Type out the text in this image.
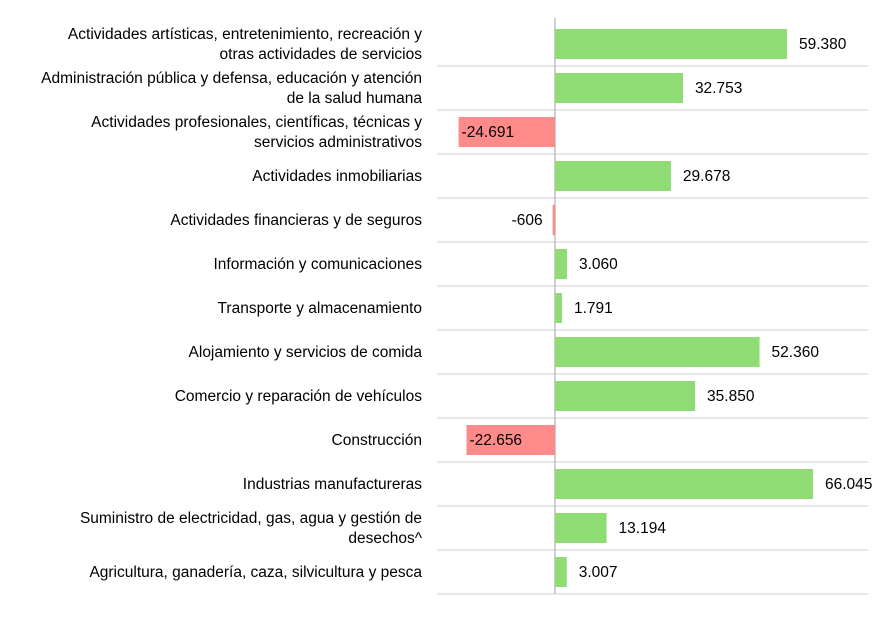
59.380
Actividades artísticas, entretenimiento, recreación y
otras actividades de servicios
32.753
Administración pública y defensa, educación y atención
de la salud humana
-24.691
Actividades profesionales, científicas, técnicas y
servicios administrativos
29.678
Actividades inmobiliarias
-606
Actividades financieras y de seguros
3.060
Información y comunicaciones
1.791
Transporte y almacenamiento
52.360
Alojamiento y servicios de comida
35.850
Comercio y reparación de vehículos
-22.656
Construcción
66.045
Industrias manufactureras
13.194
Suministro de electricidad, gas, agua y gestión de
desechos^
3.007
Agricultura, ganadería, caza, silvicultura y pesca
